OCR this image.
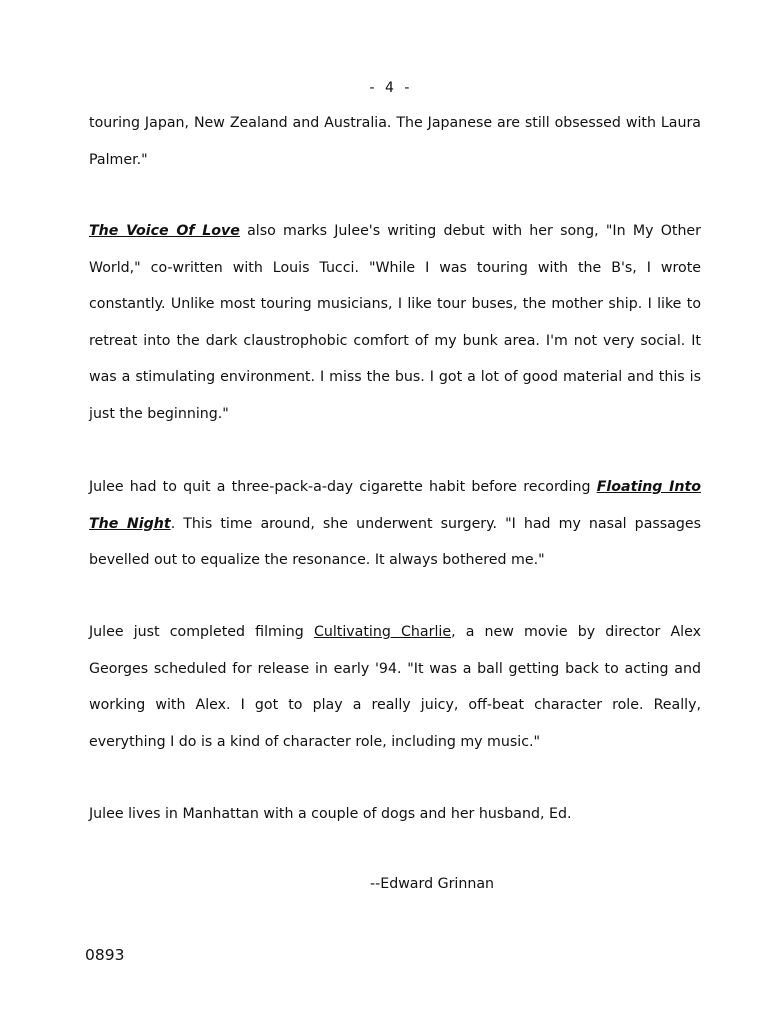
- 4 -

touring Japan, New Zealand and Australia. The Japanese are still obsessed with Laura Palmer."

The Voice Of Love also marks Julee's writing debut with her song, "In My Other World," co-written with Louis Tucci. "While I was touring with the B's, I wrote constantly. Unlike most touring musicians, I like tour buses, the mother ship. I like to retreat into the dark claustrophobic comfort of my bunk area. I'm not very social. It was a stimulating environment. I miss the bus. I got a lot of good material and this is just the beginning."

Julee had to quit a three-pack-a-day cigarette habit before recording Floating Into The Night. This time around, she underwent surgery. "I had my nasal passages bevelled out to equalize the resonance. It always bothered me."

Julee just completed filming Cultivating Charlie, a new movie by director Alex Georges scheduled for release in early '94. "It was a ball getting back to acting and working with Alex. I got to play a really juicy, off-beat character role. Really, everything I do is a kind of character role, including my music."

Julee lives in Manhattan with a couple of dogs and her husband, Ed.

--Edward Grinnan
0893
